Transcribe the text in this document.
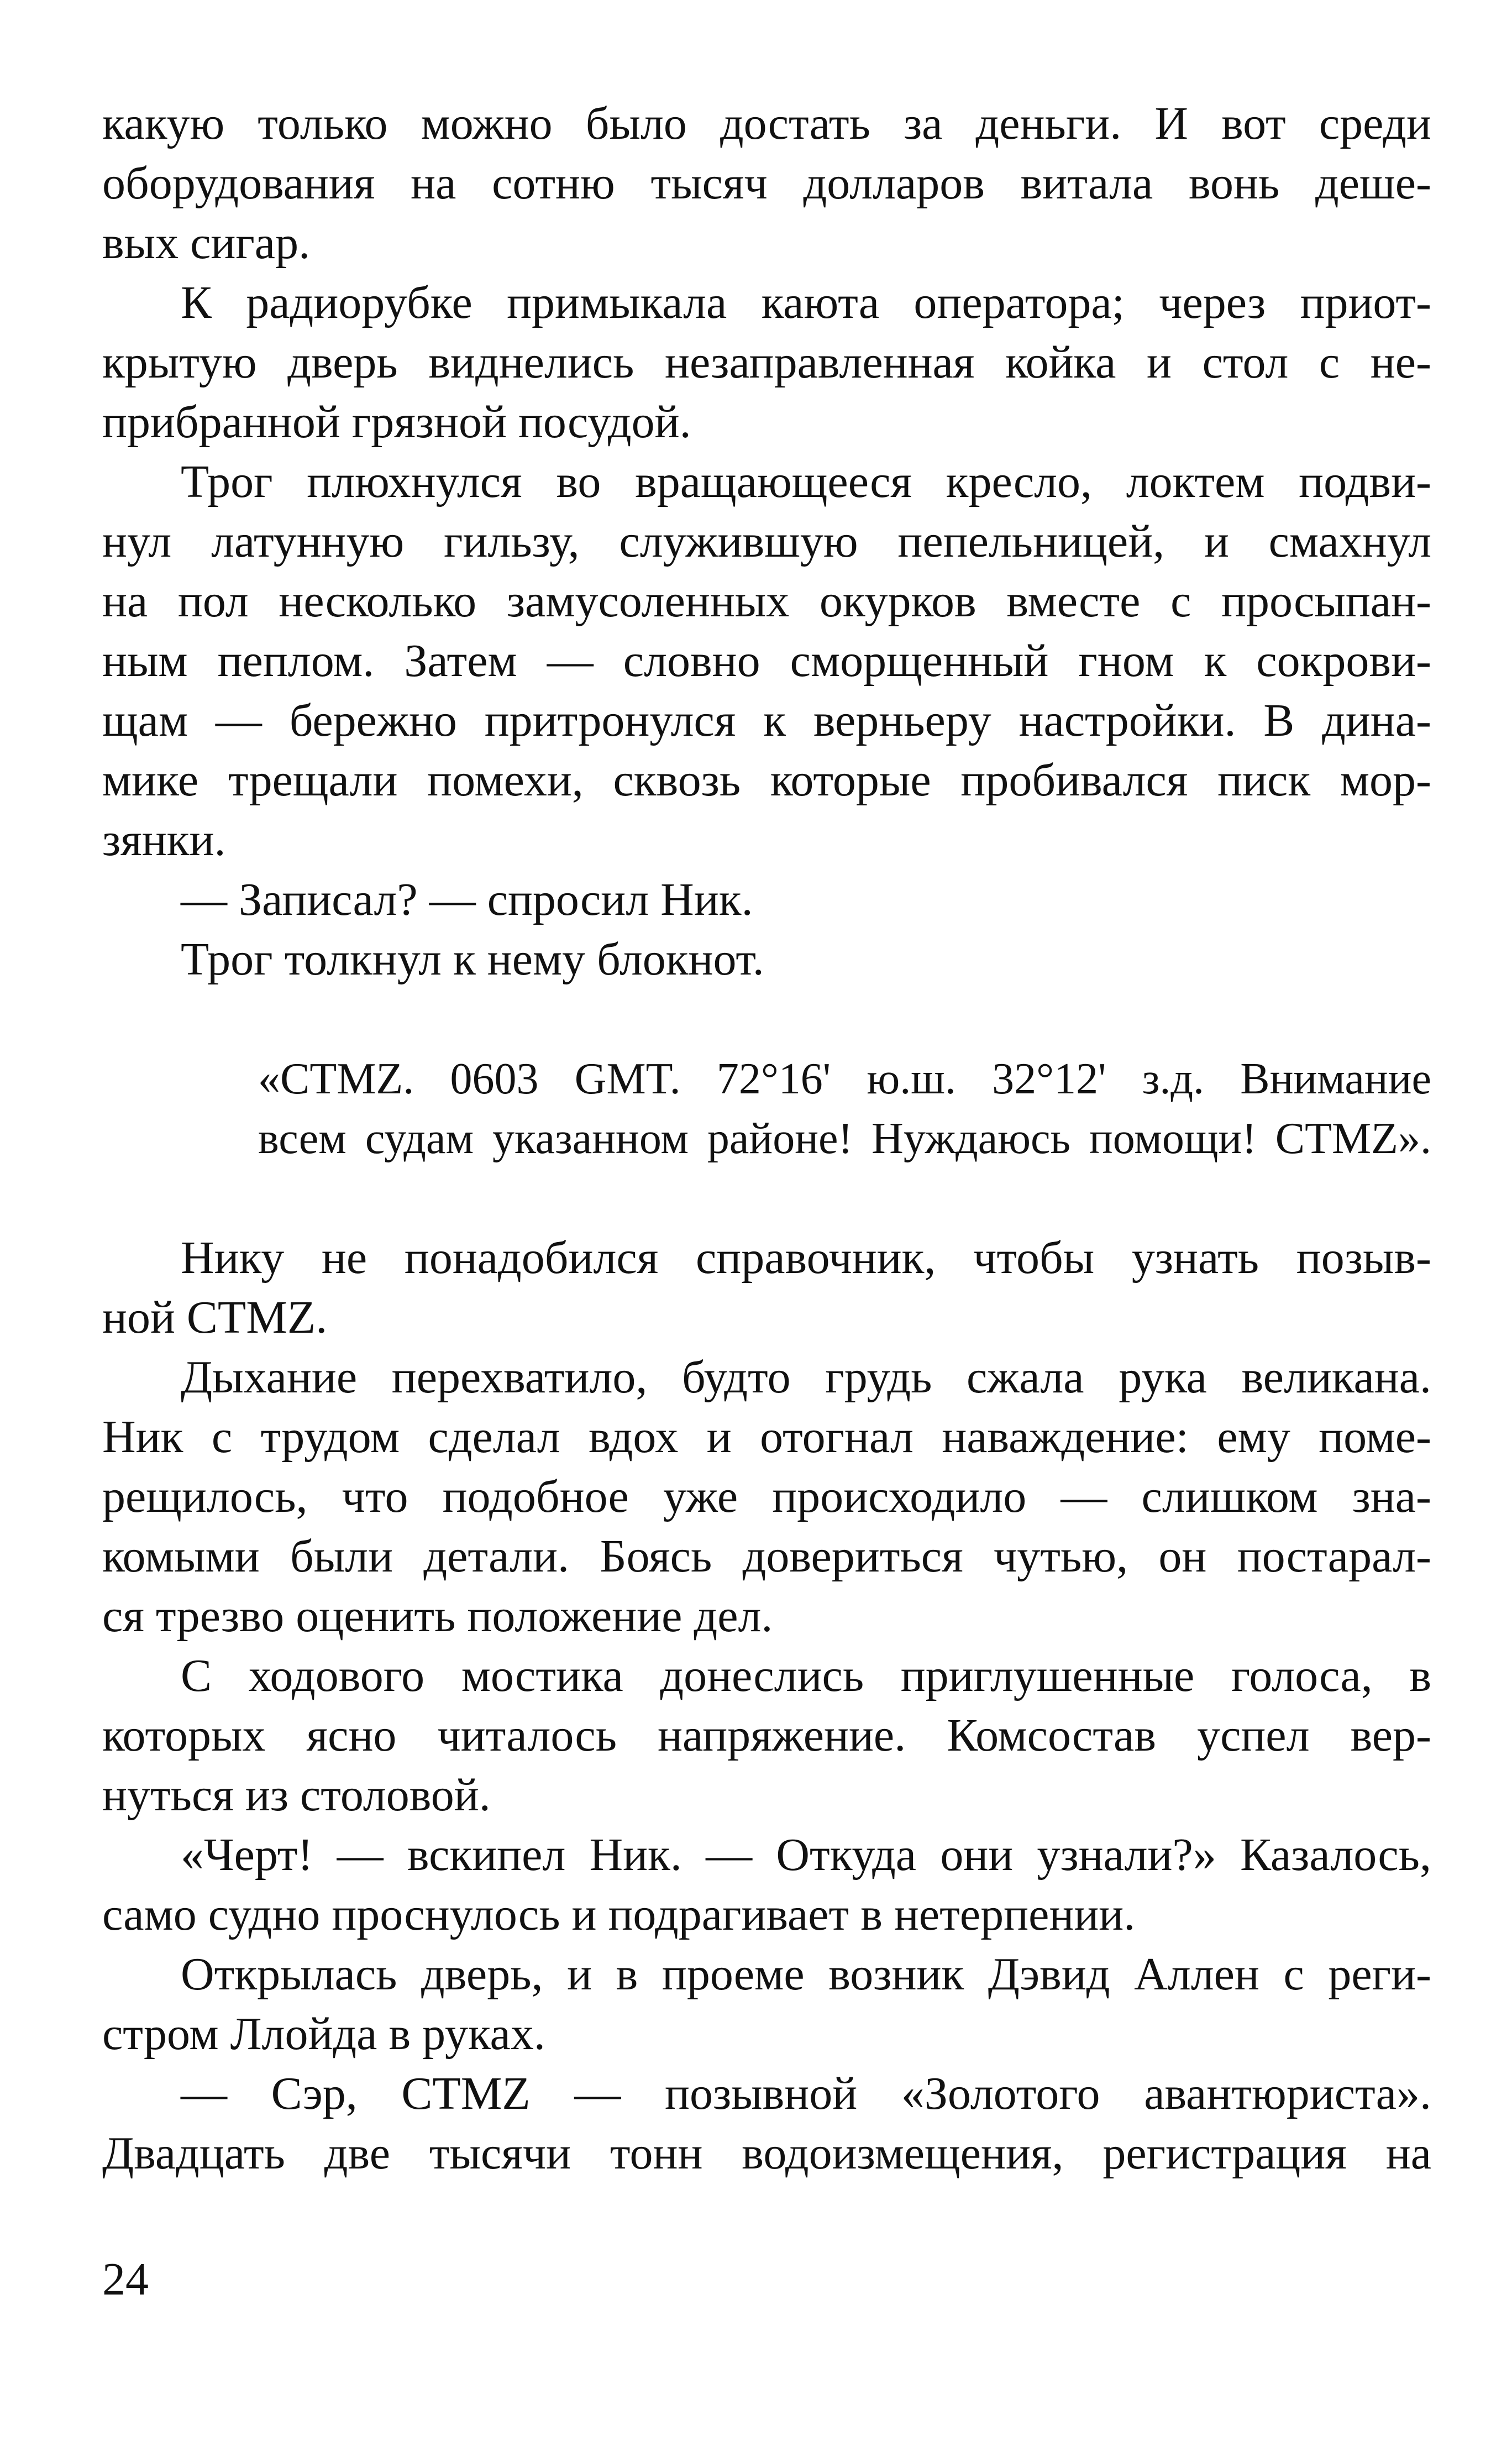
какую только можно было достать за деньги. И вот среди
оборудования на сотню тысяч долларов витала вонь деше-
вых сигар.
К радиорубке примыкала каюта оператора; через приот-
крытую дверь виднелись незаправленная койка и стол с не-
прибранной грязной посудой.
Трог плюхнулся во вращающееся кресло, локтем подви-
нул латунную гильзу, служившую пепельницей, и смахнул
на пол несколько замусоленных окурков вместе с просыпан-
ным пеплом. Затем — словно сморщенный гном к сокрови-
щам — бережно притронулся к верньеру настройки. В дина-
мике трещали помехи, сквозь которые пробивался писк мор-
зянки.
— Записал? — спросил Ник.
Трог толкнул к нему блокнот.
«CTMZ. 0603 GMT. 72°16' ю.ш. 32°12' з.д. Внимание
всем судам указанном районе! Нуждаюсь помощи! CTMZ».
Нику не понадобился справочник, чтобы узнать позыв-
ной CTMZ.
Дыхание перехватило, будто грудь сжала рука великана.
Ник с трудом сделал вдох и отогнал наваждение: ему поме-
рещилось, что подобное уже происходило — слишком зна-
комыми были детали. Боясь довериться чутью, он постарал-
ся трезво оценить положение дел.
С ходового мостика донеслись приглушенные голоса, в
которых ясно читалось напряжение. Комсостав успел вер-
нуться из столовой.
«Черт! — вскипел Ник. — Откуда они узнали?» Казалось,
само судно проснулось и подрагивает в нетерпении.
Открылась дверь, и в проеме возник Дэвид Аллен с реги-
стром Ллойда в руках.
— Сэр, CTMZ — позывной «Золотого авантюриста».
Двадцать две тысячи тонн водоизмещения, регистрация на
24
